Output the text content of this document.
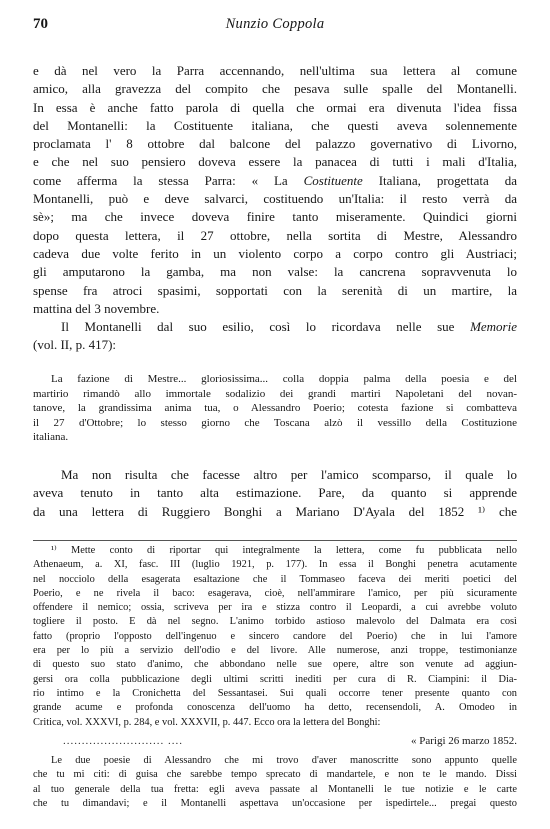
70	Nunzio Coppola

e dà nel vero la Parra accennando, nell'ultima sua lettera al comune

amico, alla gravezza del compito che pesava sulle spalle del Montanelli.

In essa è anche fatto parola di quella che ormai era divenuta l'idea fissa

del Montanelli: la Costituente italiana, che questi aveva solennemente

proclamata l' 8 ottobre dal balcone del palazzo governativo di Livorno,

e che nel suo pensiero doveva essere la panacea di tutti i mali d'Italia,

come afferma la stessa Parra: « La Costituente Italiana, progettata da

Montanelli, può e deve salvarci, costituendo un'Italia: il resto verrà da

sè»; ma che invece doveva finire tanto miseramente. Quindici giorni

dopo questa lettera, il 27 ottobre, nella sortita di Mestre, Alessandro

cadeva due volte ferito in un violento corpo a corpo contro gli Austriaci;

gli amputarono la gamba, ma non valse: la cancrena sopravvenuta lo

spense fra atroci spasimi, sopportati con la serenità di un martire, la

mattina del 3 novembre.

Il Montanelli dal suo esilio, così lo ricordava nelle sue Memorie

(vol. II, p. 417):

La fazione di Mestre... gloriosissima... colla doppia palma della poesia e del

martirio rimandò allo immortale sodalizio dei grandi martiri Napoletani del novan-

tanove, la grandissima anima tua, o Alessandro Poerio; cotesta fazione si combatteva

il 27 d'Ottobre; lo stesso giorno che Toscana alzò il vessillo della Costituzione

italiana.

Ma non risulta che facesse altro per l'amico scomparso, il quale lo

aveva tenuto in tanto alta estimazione. Pare, da quanto si apprende

da una lettera di Ruggiero Bonghi a Mariano D'Ayala del 1852 ¹⁾ che

¹⁾ Mette conto di riportar qui integralmente la lettera, come fu pubblicata nello

Athenaeum, a. XI, fasc. III (luglio 1921, p. 177). In essa il Bonghi penetra acutamente

nel nocciolo della esagerata esaltazione che il Tommaseo faceva dei meriti poetici del

Poerio, e ne rivela il baco: esagerava, cioè, nell'ammirare l'amico, per più sicuramente

offendere il nemico; ossia, scriveva per ira e stizza contro il Leopardi, a cui avrebbe voluto

togliere il posto. E dà nel segno. L'animo torbido astioso malevolo del Dalmata era così

fatto (proprio l'opposto dell'ingenuo e sincero candore del Poerio) che in lui l'amore

era per lo più a servizio dell'odio e del livore. Alle numerose, anzi troppe, testimonianze

di questo suo stato d'animo, che abbondano nelle sue opere, altre son venute ad aggiun-

gersi ora colla pubblicazione degli ultimi scritti inediti per cura di R. Ciampini: il Dia-

rio intimo e la Cronichetta del Sessantasei. Sui quali occorre tener presente quanto con

grande acume e profonda conoscenza dell'uomo ha detto, recensendoli, A. Omodeo in

Critica, vol. XXXVI, p. 284, e vol. XXXVII, p. 447. Ecco ora la lettera del Bonghi:

........................... ....	« Parigi 26 marzo 1852.

Le due poesie di Alessandro che mi trovo d'aver manoscritte sono appunto quelle

che tu mi citi: di guisa che sarebbe tempo sprecato di mandartele, e non te le mando. Dissi

al tuo generale della tua fretta: egli aveva passate al Montanelli le tue notizie e le carte

che tu dimandavi; e il Montanelli aspettava un'occasione per ispedirtele... pregai questo
